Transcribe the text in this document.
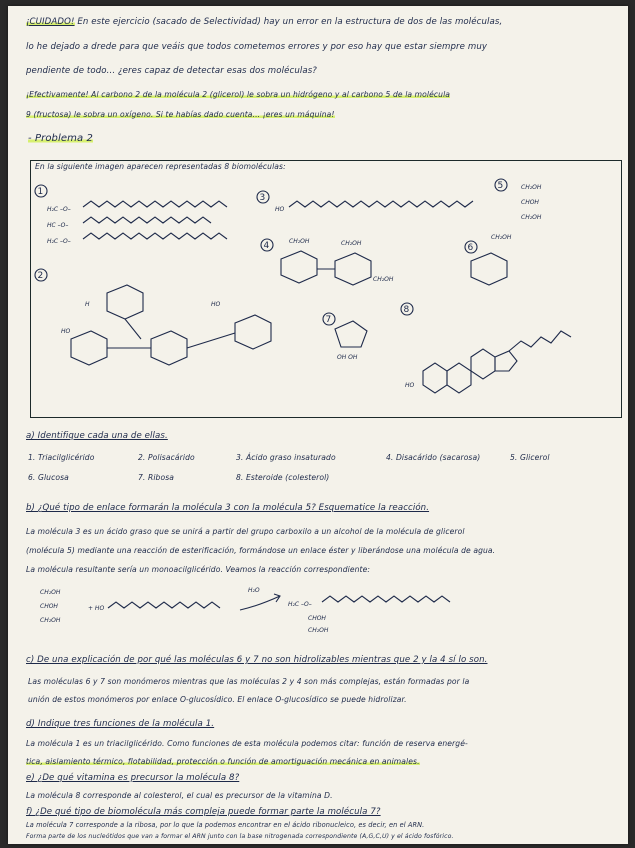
¡CUIDADO! En este ejercicio (sacado de Selectividad) hay un error en la estructura de dos de las moléculas,
lo he dejado a drede para que veáis que todos cometemos errores y por eso hay que estar siempre muy
pendiente de todo... ¿eres capaz de detectar esas dos moléculas?
¡Efectivamente! Al carbono 2 de la molécula 2 (glicerol) le sobra un hidrógeno y al carbono 5 de la molécula
9 (fructosa) le sobra un oxígeno. Si te habías dado cuenta... ¡eres un máquina!
- Problema 2
En la siguiente imagen aparecen representadas 8 biomoléculas:
1
H₂C –O–
HC –O–
H₂C –O–
2
H
HO
HO
3
HO
4	CH₂OH	CH₂OH
CH₂OH
5	CH₂OH
CHOH
CH₂OH
6
CH₂OH
7
OH OH
8
HO
a) Identifique cada una de ellas.
1. Triacilglicérido	2. Polisacárido	3. Ácido graso insaturado	4. Disacárido (sacarosa)	5. Glicerol
6. Glucosa	7. Ribosa	8. Esteroide (colesterol)
b) ¿Qué tipo de enlace formarán la molécula 3 con la molécula 5? Esquematice la reacción.
La molécula 3 es un ácido graso que se unirá a partir del grupo carboxilo a un alcohol de la molécula de glicerol
(molécula 5) mediante una reacción de esterificación, formándose un enlace éster y liberándose una molécula de agua.
La molécula resultante sería un monoacilglicérido. Veamos la reacción correspondiente:
CH₂OH
CHOH
CH₂OH
+ HO
H₂O
H₂C –O–
CHOH
CH₂OH
c) De una explicación de por qué las moléculas 6 y 7 no son hidrolizables mientras que 2 y la 4 sí lo son.
Las moléculas 6 y 7 son monómeros mientras que las moléculas 2 y 4 son más complejas, están formadas por la
unión de estos monómeros por enlace O-glucosídico. El enlace O-glucosídico se puede hidrolizar.
d) Indique tres funciones de la molécula 1.
La molécula 1 es un triacilglicérido. Como funciones de esta molécula podemos citar: función de reserva energé-
tica, aislamiento térmico, flotabilidad, protección o función de amortiguación mecánica en animales.
e) ¿De qué vitamina es precursor la molécula 8?
La molécula 8 corresponde al colesterol, el cual es precursor de la vitamina D.
f) ¿De qué tipo de biomolécula más compleja puede formar parte la molécula 7?
La molécula 7 corresponde a la ribosa, por lo que la podemos encontrar en el ácido ribonucleico, es decir, en el ARN.
Forma parte de los nucleótidos que van a formar el ARN junto con la base nitrogenada correspondiente (A,G,C,U) y el ácido fosfórico.
